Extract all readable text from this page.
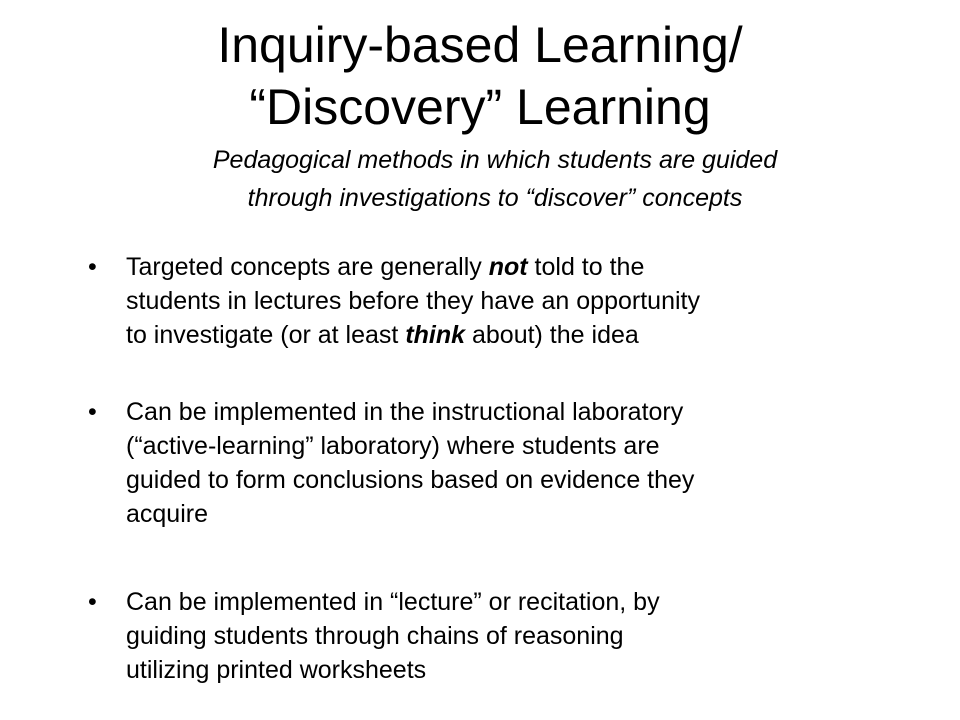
Inquiry-based Learning/
“Discovery” Learning
Pedagogical methods in which students are guided
through investigations to “discover” concepts
•	Targeted concepts are generally not told to the
students in lectures before they have an opportunity
to investigate (or at least think about) the idea
•	Can be implemented in the instructional laboratory
(“active-learning” laboratory) where students are
guided to form conclusions based on evidence they
acquire
•	Can be implemented in “lecture” or recitation, by
guiding students through chains of reasoning
utilizing printed worksheets
